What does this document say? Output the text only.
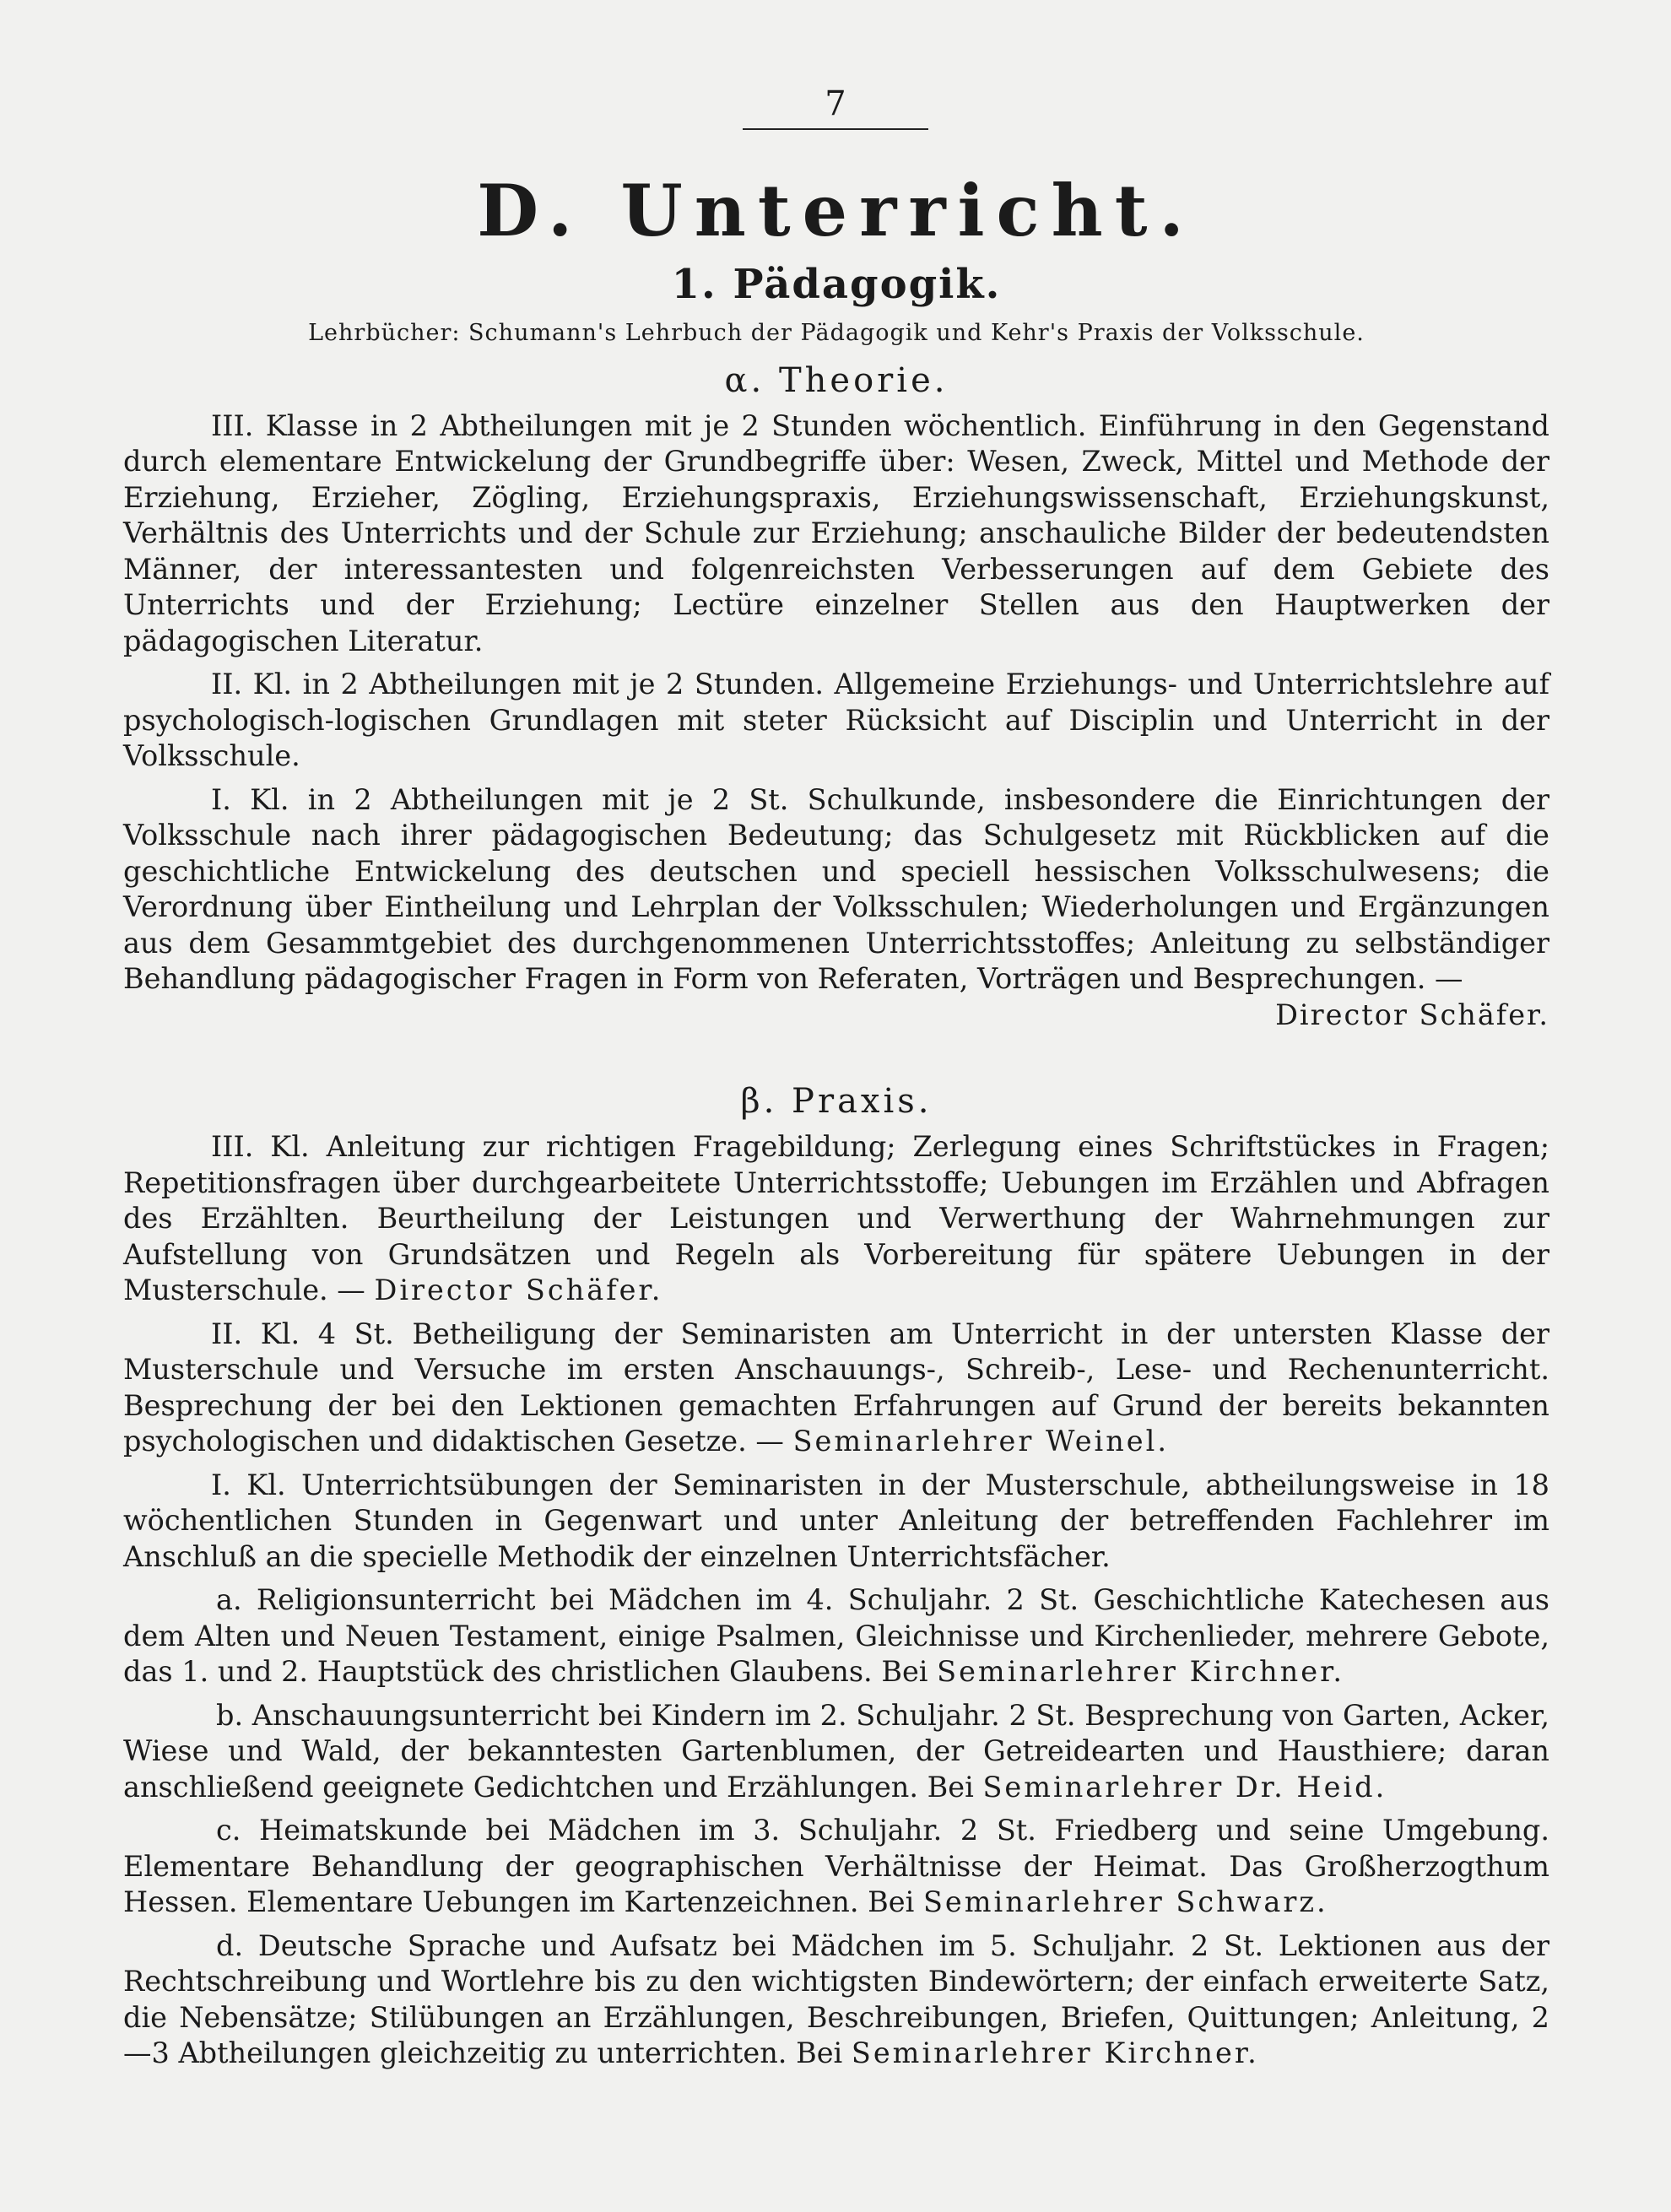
7
D. Unterricht.
1. Pädagogik.
Lehrbücher: Schumann's Lehrbuch der Pädagogik und Kehr's Praxis der Volksschule.
α. Theorie.

III. Klasse in 2 Abtheilungen mit je 2 Stunden wöchentlich. Einführung in den Gegenstand durch elementare Entwickelung der Grundbegriffe über: Wesen, Zweck, Mittel und Methode der Erziehung, Erzieher, Zögling, Erziehungspraxis, Erziehungswissenschaft, Erziehungskunst, Verhältnis des Unterrichts und der Schule zur Erziehung; anschauliche Bilder der bedeutendsten Männer, der interessantesten und folgenreichsten Verbesserungen auf dem Gebiete des Unterrichts und der Erziehung; Lectüre einzelner Stellen aus den Hauptwerken der pädagogischen Literatur.

II. Kl. in 2 Abtheilungen mit je 2 Stunden. Allgemeine Erziehungs- und Unterrichtslehre auf psychologisch-logischen Grundlagen mit steter Rücksicht auf Disciplin und Unterricht in der Volksschule.

I. Kl. in 2 Abtheilungen mit je 2 St. Schulkunde, insbesondere die Einrichtungen der Volksschule nach ihrer pädagogischen Bedeutung; das Schulgesetz mit Rückblicken auf die geschichtliche Entwickelung des deutschen und speciell hessischen Volksschulwesens; die Verordnung über Eintheilung und Lehrplan der Volksschulen; Wiederholungen und Ergänzungen aus dem Gesammtgebiet des durchgenommenen Unterrichtsstoffes; Anleitung zu selbständiger Behandlung pädagogischer Fragen in Form von Referaten, Vorträgen und Besprechungen. —

Director Schäfer.
β. Praxis.

III. Kl. Anleitung zur richtigen Fragebildung; Zerlegung eines Schriftstückes in Fragen; Repetitionsfragen über durchgearbeitete Unterrichtsstoffe; Uebungen im Erzählen und Abfragen des Erzählten. Beurtheilung der Leistungen und Verwerthung der Wahrnehmungen zur Aufstellung von Grundsätzen und Regeln als Vorbereitung für spätere Uebungen in der Musterschule. — Director Schäfer.

II. Kl. 4 St. Betheiligung der Seminaristen am Unterricht in der untersten Klasse der Musterschule und Versuche im ersten Anschauungs-, Schreib-, Lese- und Rechenunterricht. Besprechung der bei den Lektionen gemachten Erfahrungen auf Grund der bereits bekannten psychologischen und didaktischen Gesetze. — Seminarlehrer Weinel.

I. Kl. Unterrichtsübungen der Seminaristen in der Musterschule, abtheilungsweise in 18 wöchentlichen Stunden in Gegenwart und unter Anleitung der betreffenden Fachlehrer im Anschluß an die specielle Methodik der einzelnen Unterrichtsfächer.

a. Religionsunterricht bei Mädchen im 4. Schuljahr. 2 St. Geschichtliche Katechesen aus dem Alten und Neuen Testament, einige Psalmen, Gleichnisse und Kirchenlieder, mehrere Gebote, das 1. und 2. Hauptstück des christlichen Glaubens. Bei Seminarlehrer Kirchner.

b. Anschauungsunterricht bei Kindern im 2. Schuljahr. 2 St. Besprechung von Garten, Acker, Wiese und Wald, der bekanntesten Gartenblumen, der Getreidearten und Hausthiere; daran anschließend geeignete Gedichtchen und Erzählungen. Bei Seminarlehrer Dr. Heid.

c. Heimatskunde bei Mädchen im 3. Schuljahr. 2 St. Friedberg und seine Umgebung. Elementare Behandlung der geographischen Verhältnisse der Heimat. Das Großherzogthum Hessen. Elementare Uebungen im Kartenzeichnen. Bei Seminarlehrer Schwarz.

d. Deutsche Sprache und Aufsatz bei Mädchen im 5. Schuljahr. 2 St. Lektionen aus der Rechtschreibung und Wortlehre bis zu den wichtigsten Bindewörtern; der einfach erweiterte Satz, die Nebensätze; Stilübungen an Erzählungen, Beschreibungen, Briefen, Quittungen; Anleitung, 2—3 Abtheilungen gleichzeitig zu unterrichten. Bei Seminarlehrer Kirchner.
